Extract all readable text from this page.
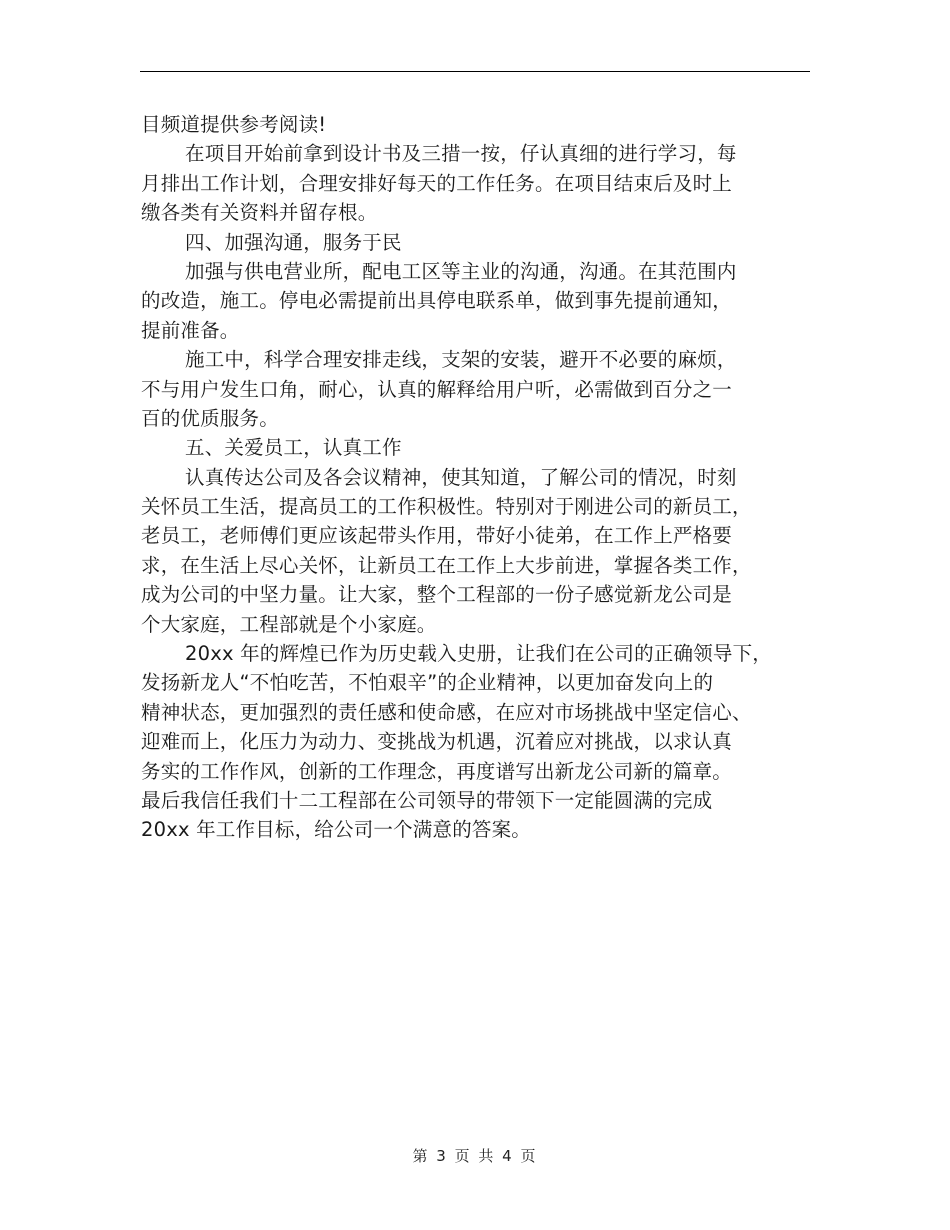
目频道提供参考阅读!
在项目开始前拿到设计书及三措一按，仔认真细的进行学习，每
月排出工作计划，合理安排好每天的工作任务。在项目结束后及时上
缴各类有关资料并留存根。
四、加强沟通，服务于民
加强与供电营业所，配电工区等主业的沟通，沟通。在其范围内
的改造，施工。停电必需提前出具停电联系单，做到事先提前通知，
提前准备。
施工中，科学合理安排走线，支架的安装，避开不必要的麻烦，
不与用户发生口角，耐心，认真的解释给用户听，必需做到百分之一
百的优质服务。
五、关爱员工，认真工作
认真传达公司及各会议精神，使其知道，了解公司的情况，时刻
关怀员工生活，提高员工的工作积极性。特别对于刚进公司的新员工，
老员工，老师傅们更应该起带头作用，带好小徒弟，在工作上严格要
求，在生活上尽心关怀，让新员工在工作上大步前进，掌握各类工作，
成为公司的中坚力量。让大家，整个工程部的一份子感觉新龙公司是
个大家庭，工程部就是个小家庭。
20xx 年的辉煌已作为历史载入史册，让我们在公司的正确领导下，
发扬新龙人“不怕吃苦，不怕艰辛”的企业精神，以更加奋发向上的
精神状态，更加强烈的责任感和使命感，在应对市场挑战中坚定信心、
迎难而上，化压力为动力、变挑战为机遇，沉着应对挑战，以求认真
务实的工作作风，创新的工作理念，再度谱写出新龙公司新的篇章。
最后我信任我们十二工程部在公司领导的带领下一定能圆满的完成
20xx 年工作目标，给公司一个满意的答案。
第 3 页 共 4 页
